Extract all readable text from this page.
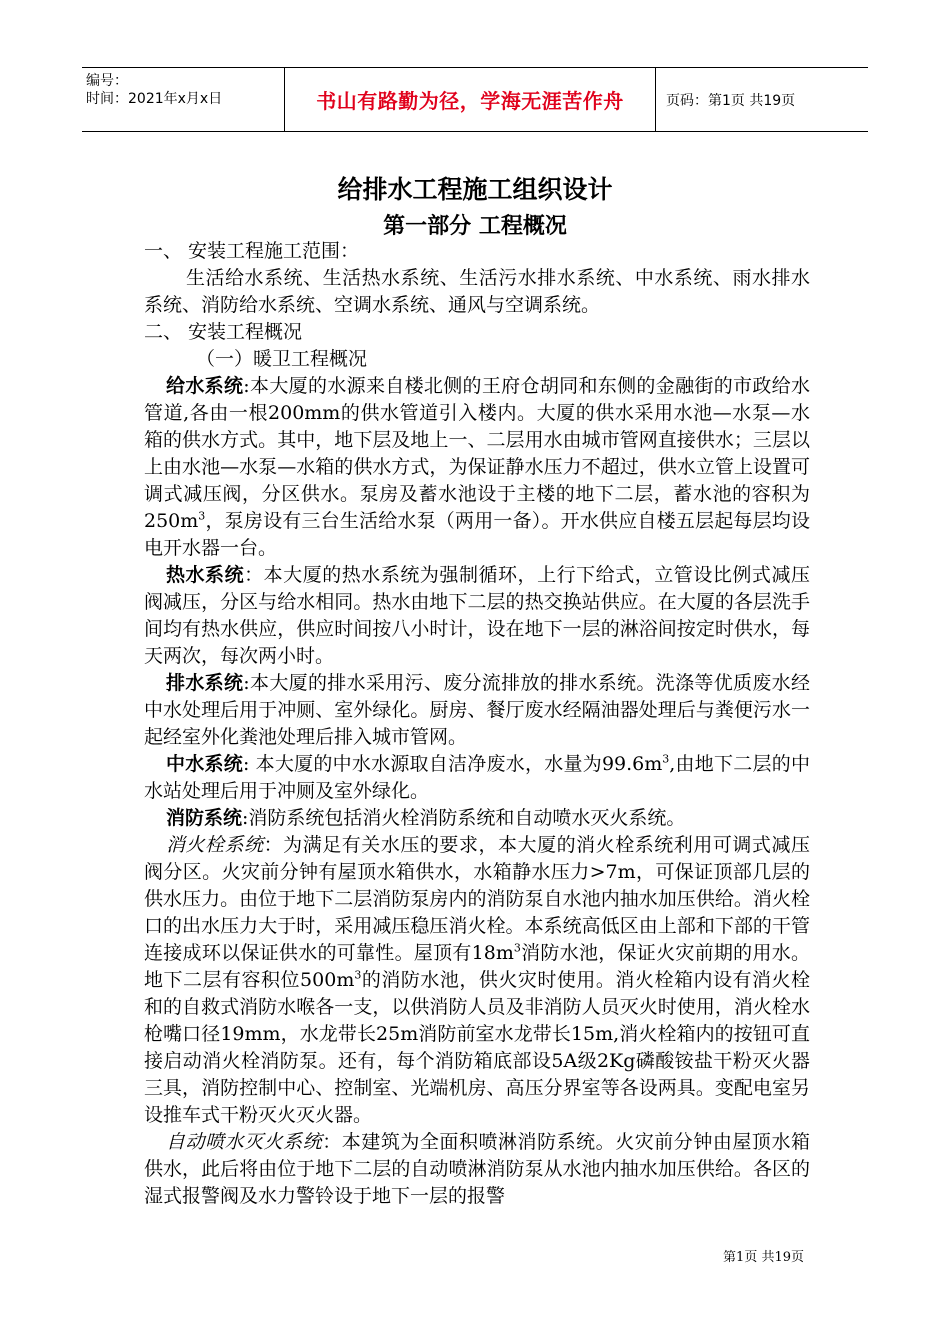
编号：
时间：2021年x月x日	书山有路勤为径，学海无涯苦作舟	页码：第1页 共19页
给排水工程施工组织设计
第一部分 工程概况

一、 安装工程施工范围：

生活给水系统、生活热水系统、生活污水排水系统、中水系统、雨水排水系统、消防给水系统、空调水系统、通风与空调系统。

二、 安装工程概况

（一）暖卫工程概况

给水系统:本大厦的水源来自楼北侧的王府仓胡同和东侧的金融街的市政给水管道,各由一根200mm的供水管道引入楼内。大厦的供水采用水池—水泵—水箱的供水方式。其中，地下层及地上一、二层用水由城市管网直接供水；三层以上由水池—水泵—水箱的供水方式，为保证静水压力不超过，供水立管上设置可调式减压阀，分区供水。泵房及蓄水池设于主楼的地下二层，蓄水池的容积为$250m^3$，泵房设有三台生活给水泵（两用一备）。开水供应自楼五层起每层均设电开水器一台。

热水系统：本大厦的热水系统为强制循环，上行下给式，立管设比例式减压阀减压，分区与给水相同。热水由地下二层的热交换站供应。在大厦的各层洗手间均有热水供应，供应时间按八小时计，设在地下一层的淋浴间按定时供水，每天两次，每次两小时。

排水系统:本大厦的排水采用污、废分流排放的排水系统。洗涤等优质废水经中水处理后用于冲厕、室外绿化。厨房、餐厅废水经隔油器处理后与粪便污水一起经室外化粪池处理后排入城市管网。

中水系统: 本大厦的中水水源取自洁净废水，水量为$99.6m^3$,由地下二层的中水站处理后用于冲厕及室外绿化。

消防系统:消防系统包括消火栓消防系统和自动喷水灭火系统。

消火栓系统：为满足有关水压的要求，本大厦的消火栓系统利用可调式减压阀分区。火灾前分钟有屋顶水箱供水，水箱静水压力>7m，可保证顶部几层的供水压力。由位于地下二层消防泵房内的消防泵自水池内抽水加压供给。消火栓口的出水压力大于时，采用减压稳压消火栓。本系统高低区由上部和下部的干管连接成环以保证供水的可靠性。屋顶有$18m^3$消防水池，保证火灾前期的用水。地下二层有容积位$500m^3$的消防水池，供火灾时使用。消火栓箱内设有消火栓和的自救式消防水喉各一支，以供消防人员及非消防人员灭火时使用，消火栓水枪嘴口径19mm，水龙带长25m消防前室水龙带长15m,消火栓箱内的按钮可直接启动消火栓消防泵。还有，每个消防箱底部设5A级2Kg磷酸铵盐干粉灭火器三具，消防控制中心、控制室、光端机房、高压分界室等各设两具。变配电室另设推车式干粉灭火灭火器。

自动喷水灭火系统：本建筑为全面积喷淋消防系统。火灾前分钟由屋顶水箱供水，此后将由位于地下二层的自动喷淋消防泵从水池内抽水加压供给。各区的湿式报警阀及水力警铃设于地下一层的报警

第1页 共19页
